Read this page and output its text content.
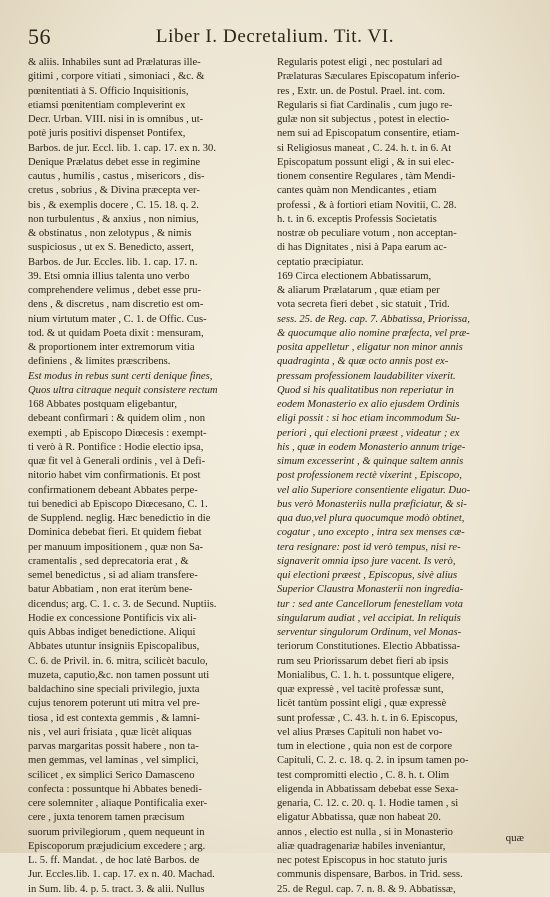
56	Liber I. Decretalium. Tit. VI.
& aliis. Inhabiles sunt ad Prælaturas ille-
gitimi , corpore vitiati , simoniaci , &c. &
pœnitentiati à S. Officio Inquisitionis,
etiamsi pœnitentiam compleverint ex
Decr. Urban. VIII. nisi in is omnibus , ut-
potè juris positivi dispenset Pontifex,
Barbos. de jur. Eccl. lib. 1. cap. 17. ex n. 30.
Denique Prælatus debet esse in regimine
cautus , humilis , castus , misericors , dis-
cretus , sobrius , & Divina præcepta ver-
bis , & exemplis docere , C. 15. 18. q. 2.
non turbulentus , & anxius , non nimius,
& obstinatus , non zelotypus , & nimis
suspiciosus , ut ex S. Benedicto, assert,
Barbos. de Jur. Eccles. lib. 1. cap. 17. n.
39. Etsi omnia illius talenta uno verbo
comprehendere velimus , debet esse pru-
dens , & discretus , nam discretio est om-
nium virtutum mater , C. 1. de Offic. Cus-
tod. & ut quidam Poeta dixit : mensuram,
& proportionem inter extremorum vitia
definiens , & limites præscribens.
Est modus in rebus sunt certi denique fines,
Quos ultra citraque nequit consistere rectum
168 Abbates postquam eligebantur,
debeant confirmari : & quidem olim , non
exempti , ab Episcopo Diœcesis : exempt-
ti verò à R. Pontifice : Hodie electio ipsa,
quæ fit vel à Generali ordinis , vel à Defi-
nitorio habet vim confirmationis. Et post
confirmationem debeant Abbates perpe-
tui benedici ab Episcopo Diœcesano, C. 1.
de Supplend. neglig. Hæc benedictio in die
Dominica debebat fieri. Et quidem fiebat
per manuum impositionem , quæ non Sa-
cramentalis , sed deprecatoria erat , &
semel benedictus , si ad aliam transfere-
batur Abbatiam , non erat iterùm bene-
dicendus; arg. C. 1. c. 3. de Secund. Nuptiis.
Hodie ex concessione Pontificis vix ali-
quis Abbas indiget benedictione. Aliqui
Abbates utuntur insigniis Episcopalibus,
C. 6. de Privil. in. 6. mitra, scilicèt baculo,
muzeta, caputio,&c. non tamen possunt uti
baldachino sine speciali privilegio, juxta
cujus tenorem poterunt uti mitra vel pre-
tiosa , id est contexta gemmis , & lamni-
nis , vel auri frisiata , quæ licèt aliquas
parvas margaritas possit habere , non ta-
men gemmas, vel laminas , vel simplici,
scilicet , ex simplici Serico Damasceno
confecta : possuntque hi Abbates benedi-
cere solemniter , aliaque Pontificalia exer-
cere , juxta tenorem tamen præcisum
suorum privilegiorum , quem nequeunt in
Episcoporum præjudicium excedere ; arg.
L. 5. ff. Mandat. , de hoc latè Barbos. de
Jur. Eccles.lib. 1. cap. 17. ex n. 40. Machad.
in Sum. lib. 4. p. 5. tract. 3. & alii. Nullus
Regularis potest eligi , nec postulari ad
Prælaturas Sæculares Episcopatum inferio-
res , Extr. un. de Postul. Prael. int. com.
Regularis si fiat Cardinalis , cum jugo re-
gulæ non sit subjectus , potest in electio-
nem sui ad Episcopatum consentire, etiam-
si Religiosus maneat , C. 24. h. t. in 6. At
Episcopatum possunt eligi , & in sui elec-
tionem consentire Regulares , tàm Mendi-
cantes quàm non Mendicantes , etiam
professi , & à fortiori etiam Novitii, C. 28.
h. t. in 6. exceptis Professis Societatis
nostræ ob peculiare votum , non acceptan-
di has Dignitates , nisi à Papa earum ac-
ceptatio præcipiatur.
169 Circa electionem Abbatissarum,
& aliarum Prælatarum , quæ etiam per
vota secreta fieri debet , sic statuit , Trid.
sess. 25. de Reg. cap. 7. Abbatissa, Priorissa,
& quocumque alio nomine præfecta, vel præ-
posita appelletur , eligatur non minor annis
quadraginta , & quæ octo annis post ex-
pressam professionem laudabiliter vixerit.
Quod si his qualitatibus non reperiatur in
eodem Monasterio ex alio ejusdem Ordinis
eligi possit : si hoc etiam incommodum Su-
periori , qui electioni præest , videatur ; ex
his , quæ in eodem Monasterio annum trige-
simum excesserint , & quinque saltem annis
post professionem rectè vixerint , Episcopo,
vel alio Superiore consentiente eligatur. Duo-
bus verò Monasteriis nulla præficiatur, & si-
qua duo,vel plura quocumque modò obtinet,
cogatur , uno excepto , intra sex menses cæ-
tera resignare: post id verò tempus, nisi re-
signaverit omnia ipso jure vacent. Is verò,
qui electioni præest , Episcopus, sivè alius
Superior Claustra Monasterii non ingredia-
tur : sed ante Cancellorum fenestellam vota
singularum audiat , vel accipiat. In reliquis
serventur singulorum Ordinum, vel Monas-
teriorum Constitutiones. Electio Abbatissa-
rum seu Priorissarum debet fieri ab ipsis
Monialibus, C. 1. h. t. possuntque eligere,
quæ expressè , vel tacitè professæ sunt,
licèt tantùm possint eligi , quæ expressè
sunt professæ , C. 43. h. t. in 6. Episcopus,
vel alius Præses Capituli non habet vo-
tum in electione , quia non est de corpore
Capituli, C. 2. c. 18. q. 2. in ipsum tamen po-
test compromitti electio , C. 8. h. t. Olim
eligenda in Abbatissam debebat esse Sexa-
genaria, C. 12. c. 20. q. 1. Hodie tamen , si
eligatur Abbatissa, quæ non habeat 20.
annos , electio est nulla , si in Monasterio
aliæ quadragenariæ habiles inveniantur,
nec potest Episcopus in hoc statuto juris
communis dispensare, Barbos. in Trid. sess.
25. de Regul. cap. 7. n. 8. & 9. Abbatissæ,
quæ
